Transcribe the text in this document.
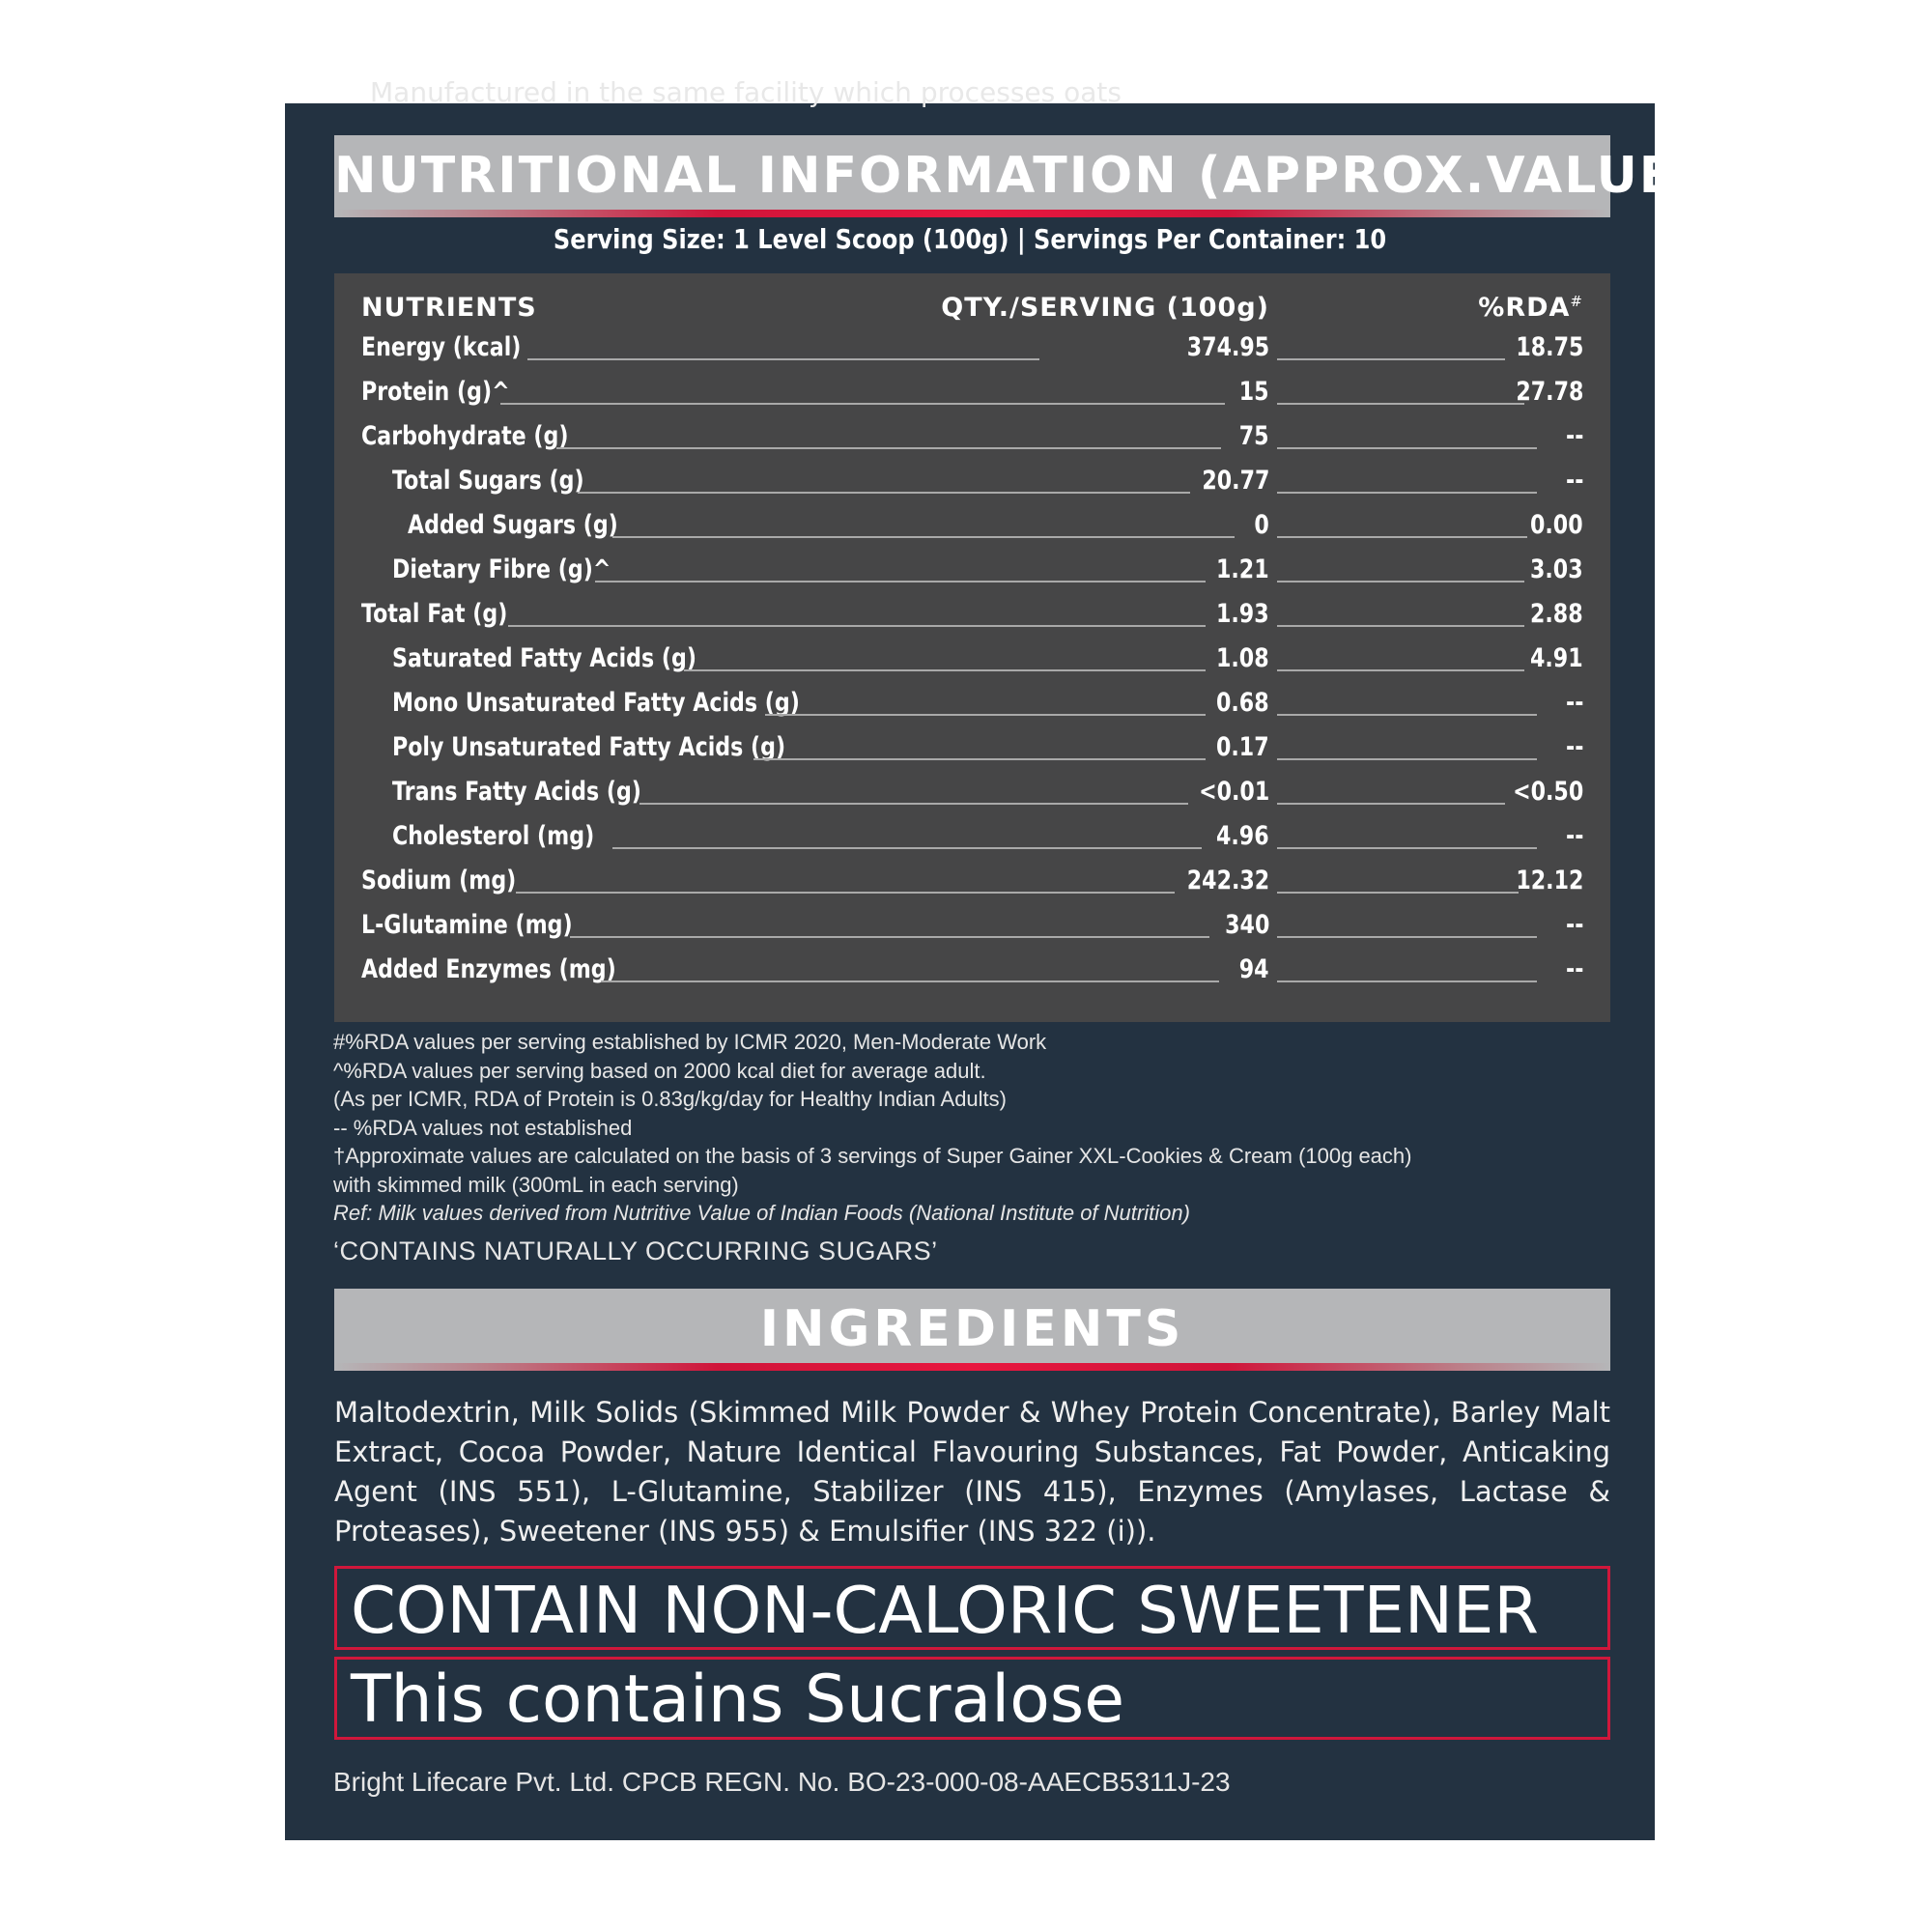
Manufactured in the same facility which processes oats
NUTRITIONAL INFORMATION (APPROX.VALUES):
Serving Size: 1 Level Scoop (100g) | Servings Per Container: 10
NUTRIENTS	QTY./SERVING (100g)	%RDA#
Energy (kcal)	374.95	18.75
Protein (g)^	15	27.78
Carbohydrate (g)	75	--
Total Sugars (g)	20.77	--
Added Sugars (g)	0	0.00
Dietary Fibre (g)^	1.21	3.03
Total Fat (g)	1.93	2.88
Saturated Fatty Acids (g)	1.08	4.91
Mono Unsaturated Fatty Acids (g)	0.68	--
Poly Unsaturated Fatty Acids (g)	0.17	--
Trans Fatty Acids (g)	<0.01	<0.50
Cholesterol (mg)	4.96	--
Sodium (mg)	242.32	12.12
L-Glutamine (mg)	340	--
Added Enzymes (mg)	94	--
#%RDA values per serving established by ICMR 2020, Men-Moderate Work
^%RDA values per serving based on 2000 kcal diet for average adult.
(As per ICMR, RDA of Protein is 0.83g/kg/day for Healthy Indian Adults)
-- %RDA values not established
†Approximate values are calculated on the basis of 3 servings of Super Gainer XXL-Cookies & Cream (100g each)
with skimmed milk (300mL in each serving)
Ref: Milk values derived from Nutritive Value of Indian Foods (National Institute of Nutrition)
‘CONTAINS NATURALLY OCCURRING SUGARS’
INGREDIENTS
Maltodextrin, Milk Solids (Skimmed Milk Powder & Whey Protein Concentrate), Barley Malt Extract, Cocoa Powder, Nature Identical Flavouring Substances, Fat Powder, Anticaking Agent (INS 551), L-Glutamine, Stabilizer (INS 415), Enzymes (Amylases, Lactase & Proteases), Sweetener (INS 955) & Emulsifier (INS 322 (i)).
CONTAIN NON-CALORIC SWEETENER
This contains Sucralose
Bright Lifecare Pvt. Ltd. CPCB REGN. No. BO-23-000-08-AAECB5311J-23
